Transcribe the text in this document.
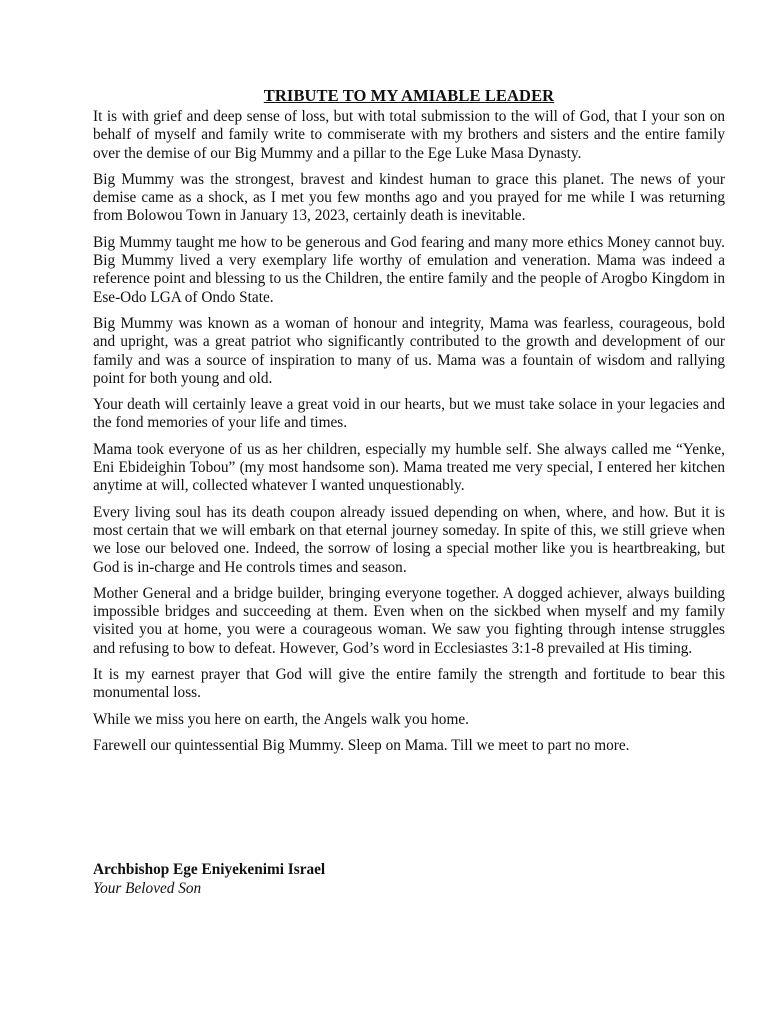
TRIBUTE TO MY AMIABLE LEADER

It is with grief and deep sense of loss, but with total submission to the will of God, that I your son on behalf of myself and family write to commiserate with my brothers and sisters and the entire family over the demise of our Big Mummy and a pillar to the Ege Luke Masa Dynasty.

Big Mummy was the strongest, bravest and kindest human to grace this planet. The news of your demise came as a shock, as I met you few months ago and you prayed for me while I was returning from Bolowou Town in January 13, 2023, certainly death is inevitable.

Big Mummy taught me how to be generous and God fearing and many more ethics Money cannot buy. Big Mummy lived a very exemplary life worthy of emulation and veneration. Mama was indeed a reference point and blessing to us the Children, the entire family and the people of Arogbo Kingdom in Ese-Odo LGA of Ondo State.

Big Mummy was known as a woman of honour and integrity, Mama was fearless, courageous, bold and upright, was a great patriot who significantly contributed to the growth and development of our family and was a source of inspiration to many of us. Mama was a fountain of wisdom and rallying point for both young and old.

Your death will certainly leave a great void in our hearts, but we must take solace in your legacies and the fond memories of your life and times.

Mama took everyone of us as her children, especially my humble self. She always called me “Yenke, Eni Ebideighin Tobou” (my most handsome son). Mama treated me very special, I entered her kitchen anytime at will, collected whatever I wanted unquestionably.

Every living soul has its death coupon already issued depending on when, where, and how. But it is most certain that we will embark on that eternal journey someday. In spite of this, we still grieve when we lose our beloved one. Indeed, the sorrow of losing a special mother like you is heartbreaking, but God is in-charge and He controls times and season.

Mother General and a bridge builder, bringing everyone together. A dogged achiever, always building impossible bridges and succeeding at them. Even when on the sickbed when myself and my family visited you at home, you were a courageous woman. We saw you fighting through intense struggles and refusing to bow to defeat. However, God’s word in Ecclesiastes 3:1-8 prevailed at His timing.

It is my earnest prayer that God will give the entire family the strength and fortitude to bear this monumental loss.

While we miss you here on earth, the Angels walk you home.

Farewell our quintessential Big Mummy. Sleep on Mama. Till we meet to part no more.

Archbishop Ege Eniyekenimi Israel
Your Beloved Son
